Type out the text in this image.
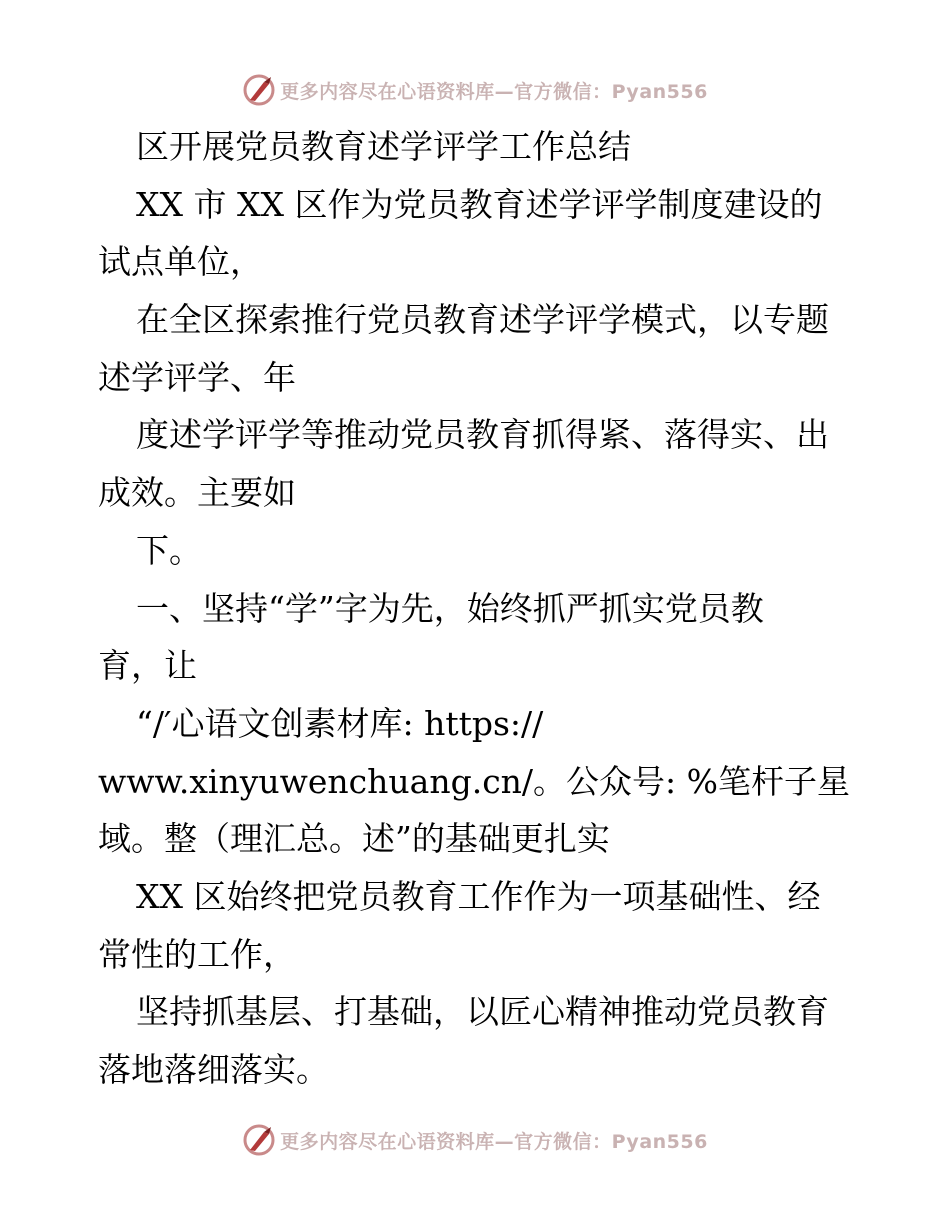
更多内容尽在心语资料库—官方微信：Pyan556
区开展党员教育述学评学工作总结
XX 市 XX 区作为党员教育述学评学制度建设的
试点单位，
在全区探索推行党员教育述学评学模式，以专题
述学评学、年
度述学评学等推动党员教育抓得紧、落得实、出
成效。主要如
下。
一、坚持“学”字为先，始终抓严抓实党员教
育，让
“/′心语文创素材库: https://
www.xinyuwenchuang.cn/。公众号: %笔杆子星
域。整（理汇总。述”的基础更扎实
XX 区始终把党员教育工作作为一项基础性、经
常性的工作，
坚持抓基层、打基础，以匠心精神推动党员教育
落地落细落实。
更多内容尽在心语资料库—官方微信：Pyan556
